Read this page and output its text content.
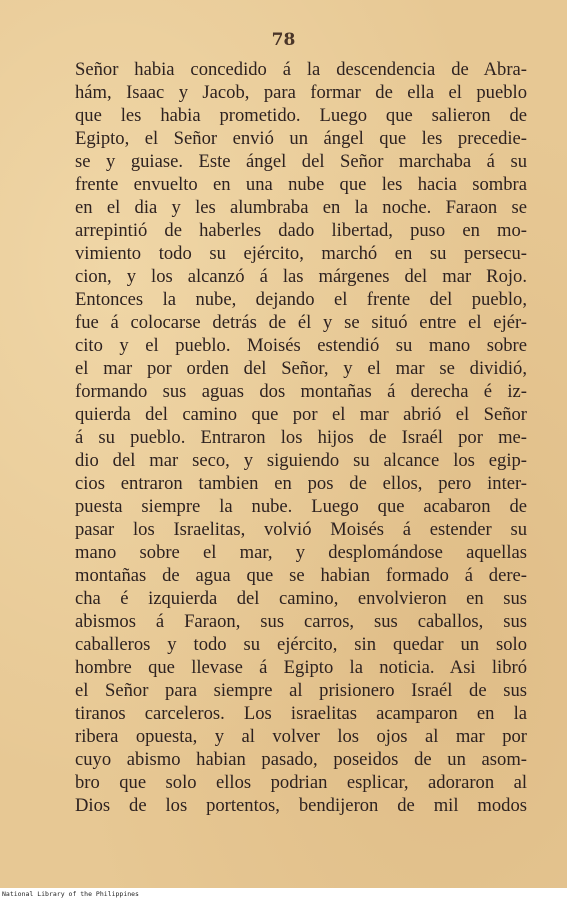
78
Señor habia concedido á la descendencia de Abra-
hám, Isaac y Jacob, para formar de ella el pueblo
que les habia prometido. Luego que salieron de
Egipto, el Señor envió un ángel que les precedie-
se y guiase. Este ángel del Señor marchaba á su
frente envuelto en una nube que les hacia sombra
en el dia y les alumbraba en la noche. Faraon se
arrepintió de haberles dado libertad, puso en mo-
vimiento todo su ejército, marchó en su persecu-
cion, y los alcanzó á las márgenes del mar Rojo.
Entonces la nube, dejando el frente del pueblo,
fue á colocarse detrás de él y se situó entre el ejér-
cito y el pueblo. Moisés estendió su mano sobre
el mar por orden del Señor, y el mar se dividió,
formando sus aguas dos montañas á derecha é iz-
quierda del camino que por el mar abrió el Señor
á su pueblo. Entraron los hijos de Israél por me-
dio del mar seco, y siguiendo su alcance los egip-
cios entraron tambien en pos de ellos, pero inter-
puesta siempre la nube. Luego que acabaron de
pasar los Israelitas, volvió Moisés á estender su
mano sobre el mar, y desplomándose aquellas
montañas de agua que se habian formado á dere-
cha é izquierda del camino, envolvieron en sus
abismos á Faraon, sus carros, sus caballos, sus
caballeros y todo su ejército, sin quedar un solo
hombre que llevase á Egipto la noticia. Asi libró
el Señor para siempre al prisionero Israél de sus
tiranos carceleros. Los israelitas acamparon en la
ribera opuesta, y al volver los ojos al mar por
cuyo abismo habian pasado, poseidos de un asom-
bro que solo ellos podrian esplicar, adoraron al
Dios de los portentos, bendijeron de mil modos
National Library of the Philippines
